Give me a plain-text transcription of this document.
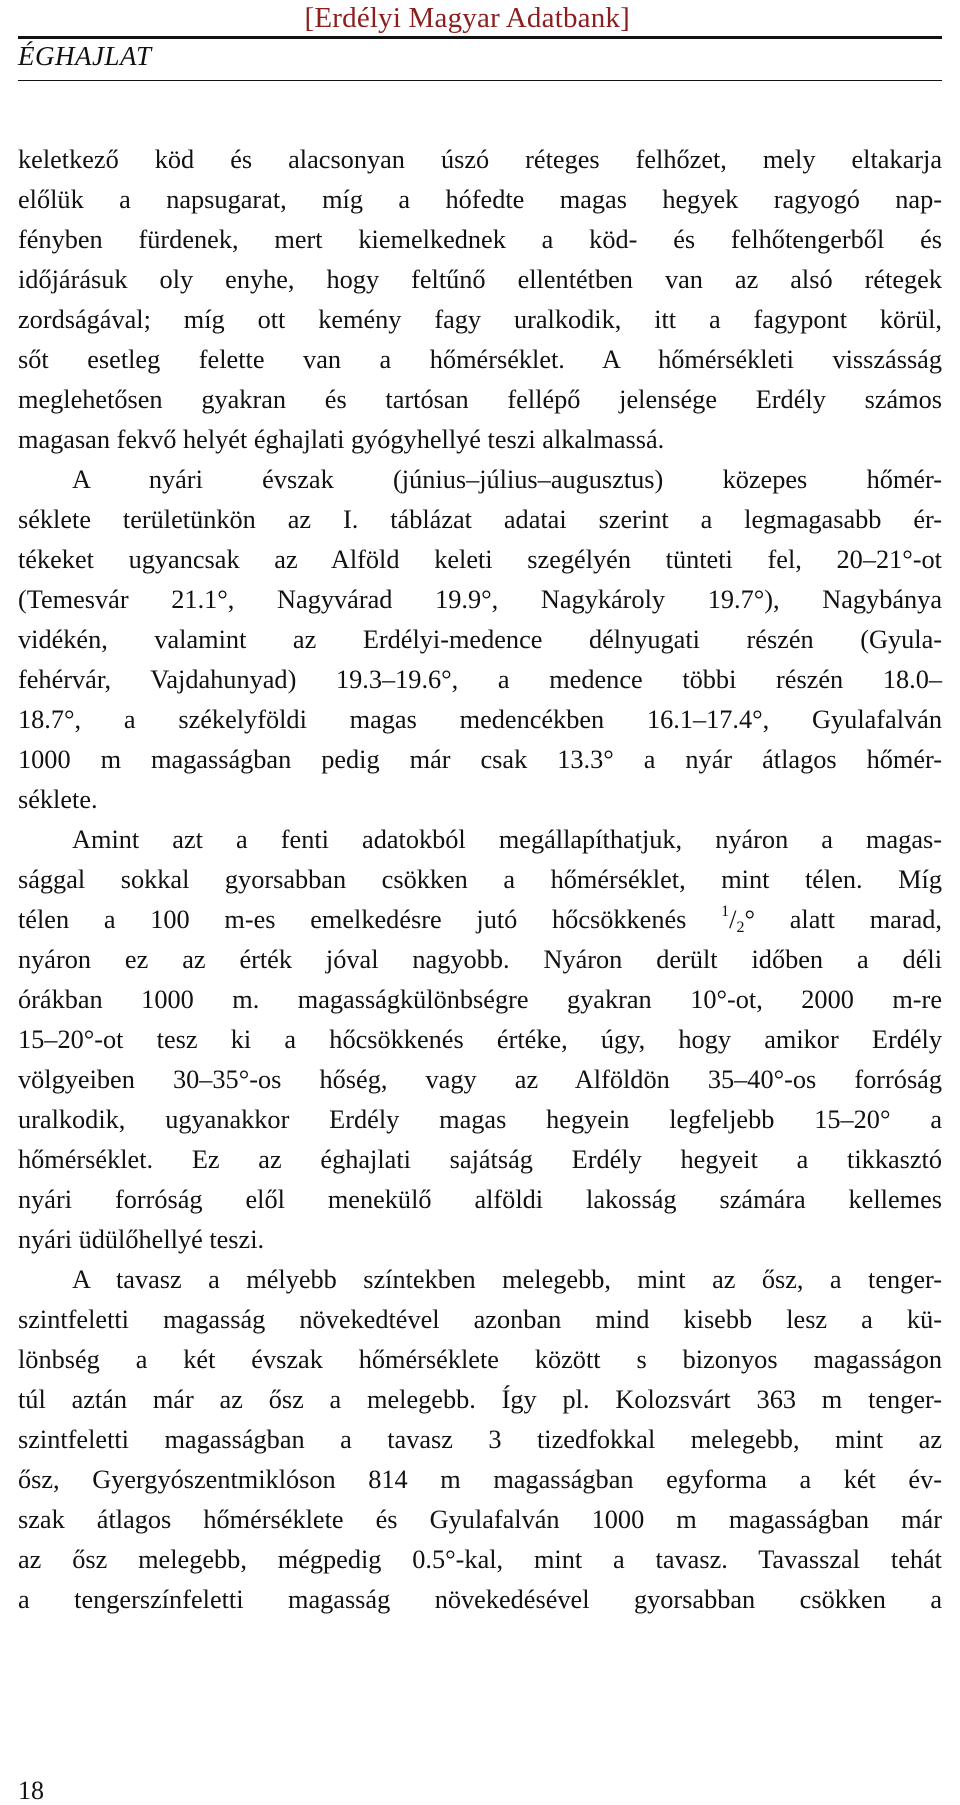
[Erdélyi Magyar Adatbank]
ÉGHAJLAT
keletkező köd és alacsonyan úszó réteges felhőzet, mely eltakarja
előlük a napsugarat, míg a hófedte magas hegyek ragyogó nap-
fényben fürdenek, mert kiemelkednek a köd- és felhőtengerből és
időjárásuk oly enyhe, hogy feltűnő ellentétben van az alsó rétegek
zordságával; míg ott kemény fagy uralkodik, itt a fagypont körül,
sőt esetleg felette van a hőmérséklet. A hőmérsékleti visszásság
meglehetősen gyakran és tartósan fellépő jelensége Erdély számos
magasan fekvő helyét éghajlati gyógyhellyé teszi alkalmassá.
A nyári évszak (június–július–augusztus) közepes hőmér-
séklete területünkön az I. táblázat adatai szerint a legmagasabb ér-
tékeket ugyancsak az Alföld keleti szegélyén tünteti fel, 20–21°-ot
(Temesvár 21.1°, Nagyvárad 19.9°, Nagykároly 19.7°), Nagybánya
vidékén, valamint az Erdélyi-medence délnyugati részén (Gyula-
fehérvár, Vajdahunyad) 19.3–19.6°, a medence többi részén 18.0–
18.7°, a székelyföldi magas medencékben 16.1–17.4°, Gyulafalván
1000 m magasságban pedig már csak 13.3° a nyár átlagos hőmér-
séklete.
Amint azt a fenti adatokból megállapíthatjuk, nyáron a magas-
sággal sokkal gyorsabban csökken a hőmérséklet, mint télen. Míg
télen a 100 m-es emelkedésre jutó hőcsökkenés $^1/_2^\circ$ alatt marad,
nyáron ez az érték jóval nagyobb. Nyáron derült időben a déli
órákban 1000 m. magasságkülönbségre gyakran 10°-ot, 2000 m-re
15–20°-ot tesz ki a hőcsökkenés értéke, úgy, hogy amikor Erdély
völgyeiben 30–35°-os hőség, vagy az Alföldön 35–40°-os forróság
uralkodik, ugyanakkor Erdély magas hegyein legfeljebb 15–20° a
hőmérséklet. Ez az éghajlati sajátság Erdély hegyeit a tikkasztó
nyári forróság elől menekülő alföldi lakosság számára kellemes
nyári üdülőhellyé teszi.
A tavasz a mélyebb színtekben melegebb, mint az ősz, a tenger-
szintfeletti magasság növekedtével azonban mind kisebb lesz a kü-
lönbség a két évszak hőmérséklete között s bizonyos magasságon
túl aztán már az ősz a melegebb. Így pl. Kolozsvárt 363 m tenger-
szintfeletti magasságban a tavasz 3 tizedfokkal melegebb, mint az
ősz, Gyergyószentmiklóson 814 m magasságban egyforma a két év-
szak átlagos hőmérséklete és Gyulafalván 1000 m magasságban már
az ősz melegebb, mégpedig 0.5°-kal, mint a tavasz. Tavasszal tehát
a tengerszínfeletti magasság növekedésével gyorsabban csökken a
18
